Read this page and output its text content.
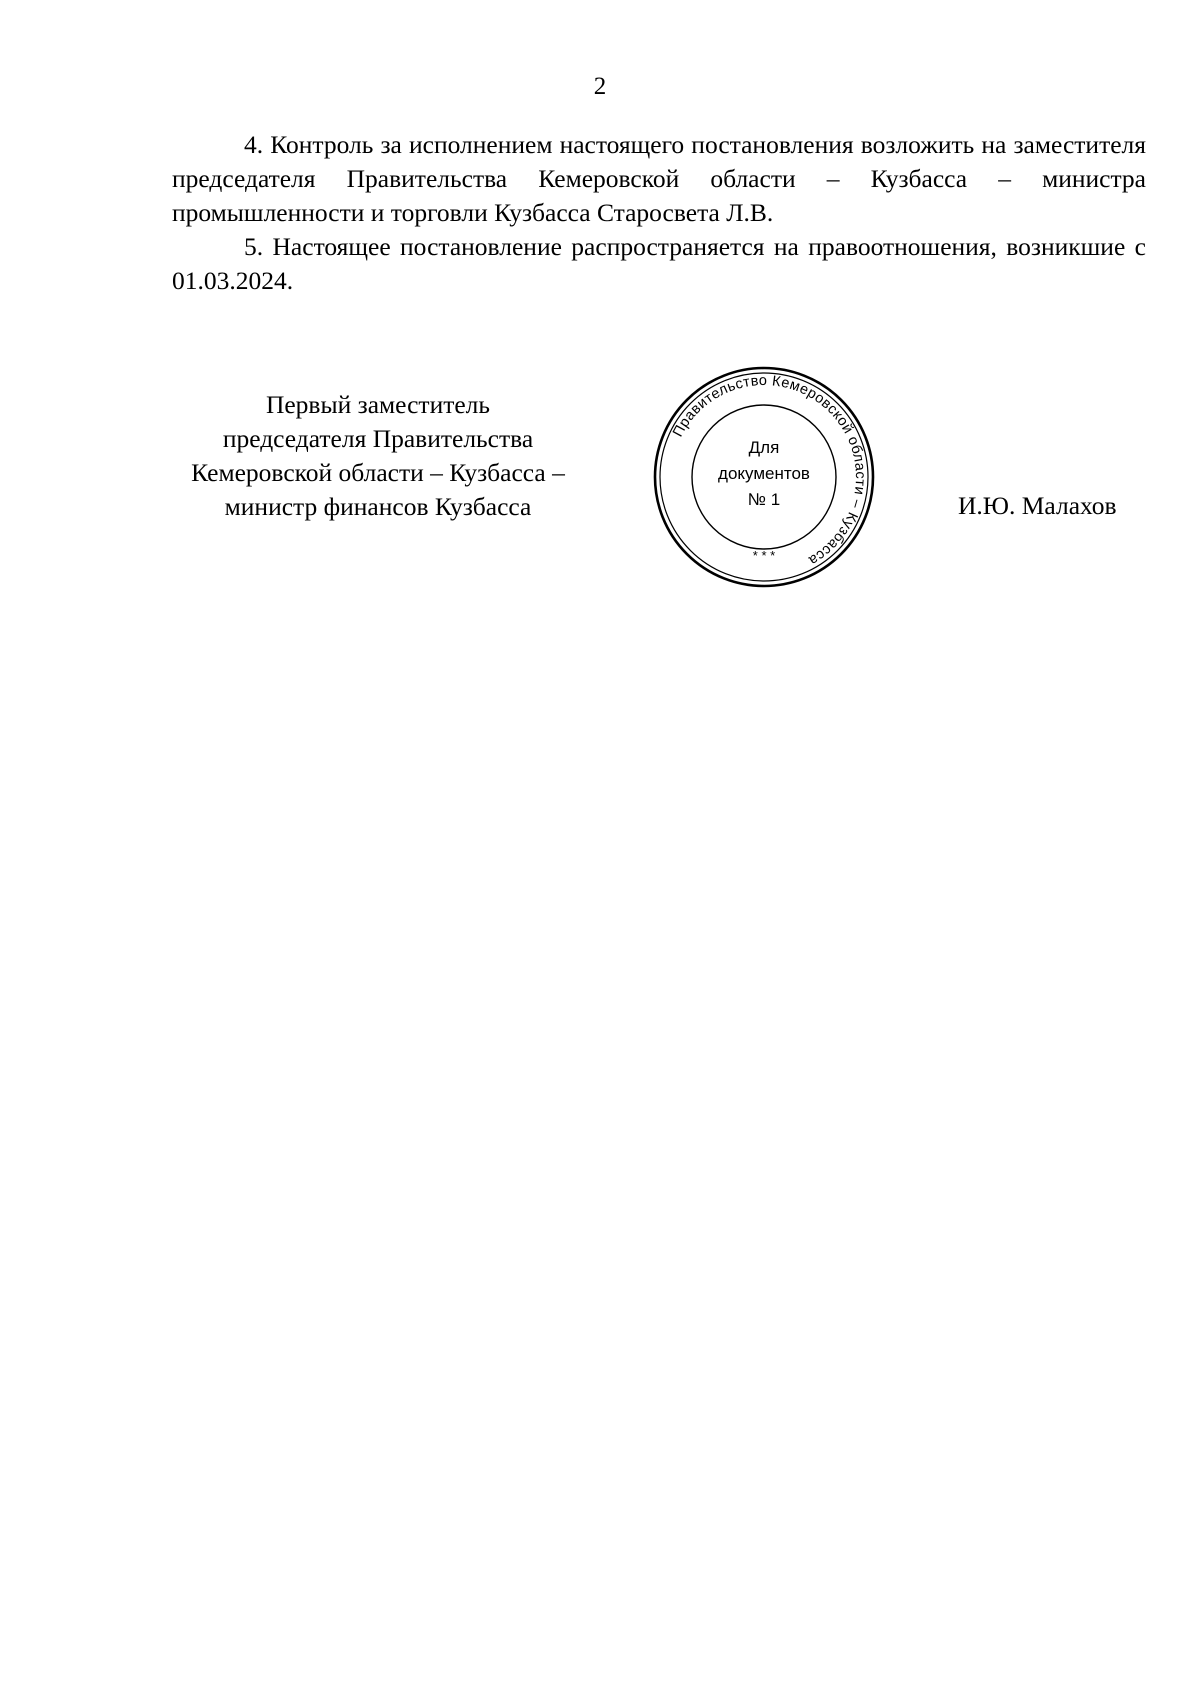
2

4. Контроль за исполнением настоящего постановления возложить на заместителя председателя Правительства Кемеровской области – Кузбасса – министра промышленности и торговли Кузбасса Старосвета Л.В.

5. Настоящее постановление распространяется на правоотношения, возникшие с 01.03.2024.

Первый заместитель
председателя Правительства
Кемеровской области – Кузбасса –
министр финансов Кузбасса
Правительство Кемеровской области – Кузбасса
* * *
Для
документов
№ 1	И.Ю. Малахов
